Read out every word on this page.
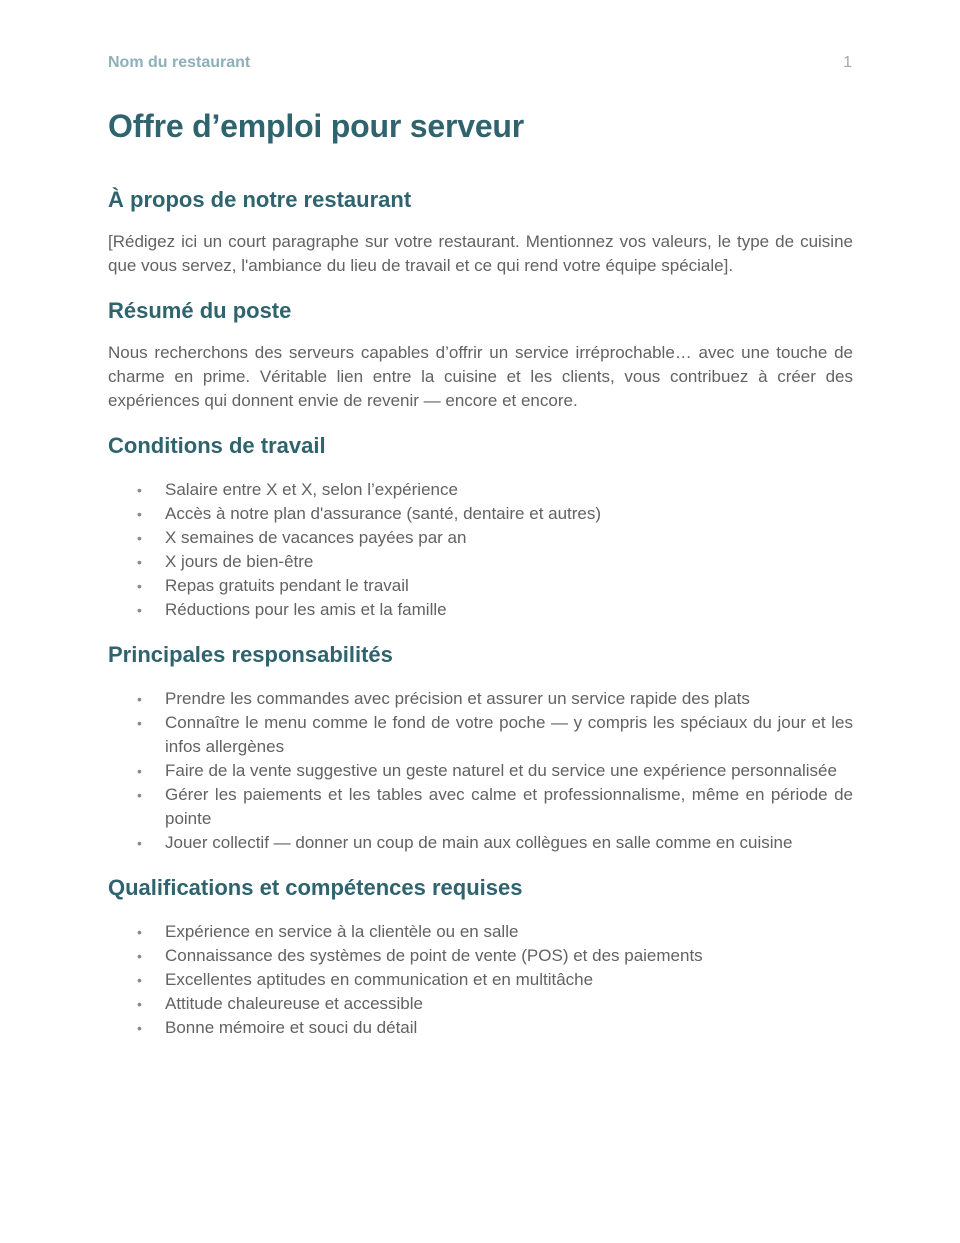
Nom du restaurant	1
Offre d’emploi pour serveur
À propos de notre restaurant

[Rédigez ici un court paragraphe sur votre restaurant. Mentionnez vos valeurs, le type de cuisine que vous servez, l'ambiance du lieu de travail et ce qui rend votre équipe spéciale].

Résumé du poste

Nous recherchons des serveurs capables d’offrir un service irréprochable… avec une touche de charme en prime. Véritable lien entre la cuisine et les clients, vous contribuez à créer des expériences qui donnent envie de revenir — encore et encore.

Conditions de travail
• Salaire entre X et X, selon l’expérience
• Accès à notre plan d'assurance (santé, dentaire et autres)
• X semaines de vacances payées par an
• X jours de bien-être
• Repas gratuits pendant le travail
• Réductions pour les amis et la famille
Principales responsabilités
• Prendre les commandes avec précision et assurer un service rapide des plats
• Connaître le menu comme le fond de votre poche — y compris les spéciaux du jour et les infos allergènes
• Faire de la vente suggestive un geste naturel et du service une expérience personnalisée
• Gérer les paiements et les tables avec calme et professionnalisme, même en période de pointe
• Jouer collectif — donner un coup de main aux collègues en salle comme en cuisine
Qualifications et compétences requises
• Expérience en service à la clientèle ou en salle
• Connaissance des systèmes de point de vente (POS) et des paiements
• Excellentes aptitudes en communication et en multitâche
• Attitude chaleureuse et accessible
• Bonne mémoire et souci du détail
